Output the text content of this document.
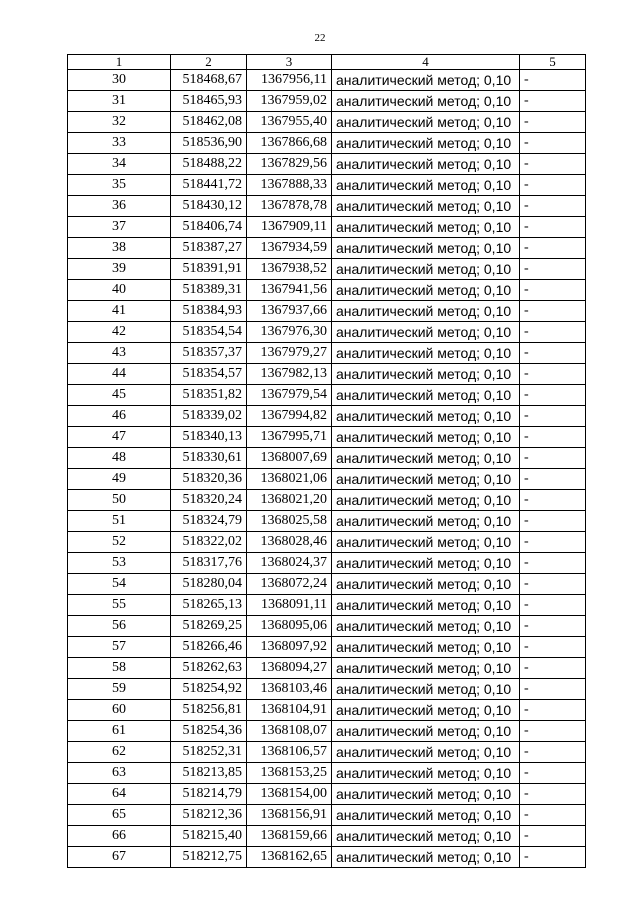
22
1	2	3	4	5
30	518468,67	1367956,11	аналитический метод; 0,10	-
31	518465,93	1367959,02	аналитический метод; 0,10	-
32	518462,08	1367955,40	аналитический метод; 0,10	-
33	518536,90	1367866,68	аналитический метод; 0,10	-
34	518488,22	1367829,56	аналитический метод; 0,10	-
35	518441,72	1367888,33	аналитический метод; 0,10	-
36	518430,12	1367878,78	аналитический метод; 0,10	-
37	518406,74	1367909,11	аналитический метод; 0,10	-
38	518387,27	1367934,59	аналитический метод; 0,10	-
39	518391,91	1367938,52	аналитический метод; 0,10	-
40	518389,31	1367941,56	аналитический метод; 0,10	-
41	518384,93	1367937,66	аналитический метод; 0,10	-
42	518354,54	1367976,30	аналитический метод; 0,10	-
43	518357,37	1367979,27	аналитический метод; 0,10	-
44	518354,57	1367982,13	аналитический метод; 0,10	-
45	518351,82	1367979,54	аналитический метод; 0,10	-
46	518339,02	1367994,82	аналитический метод; 0,10	-
47	518340,13	1367995,71	аналитический метод; 0,10	-
48	518330,61	1368007,69	аналитический метод; 0,10	-
49	518320,36	1368021,06	аналитический метод; 0,10	-
50	518320,24	1368021,20	аналитический метод; 0,10	-
51	518324,79	1368025,58	аналитический метод; 0,10	-
52	518322,02	1368028,46	аналитический метод; 0,10	-
53	518317,76	1368024,37	аналитический метод; 0,10	-
54	518280,04	1368072,24	аналитический метод; 0,10	-
55	518265,13	1368091,11	аналитический метод; 0,10	-
56	518269,25	1368095,06	аналитический метод; 0,10	-
57	518266,46	1368097,92	аналитический метод; 0,10	-
58	518262,63	1368094,27	аналитический метод; 0,10	-
59	518254,92	1368103,46	аналитический метод; 0,10	-
60	518256,81	1368104,91	аналитический метод; 0,10	-
61	518254,36	1368108,07	аналитический метод; 0,10	-
62	518252,31	1368106,57	аналитический метод; 0,10	-
63	518213,85	1368153,25	аналитический метод; 0,10	-
64	518214,79	1368154,00	аналитический метод; 0,10	-
65	518212,36	1368156,91	аналитический метод; 0,10	-
66	518215,40	1368159,66	аналитический метод; 0,10	-
67	518212,75	1368162,65	аналитический метод; 0,10	-
